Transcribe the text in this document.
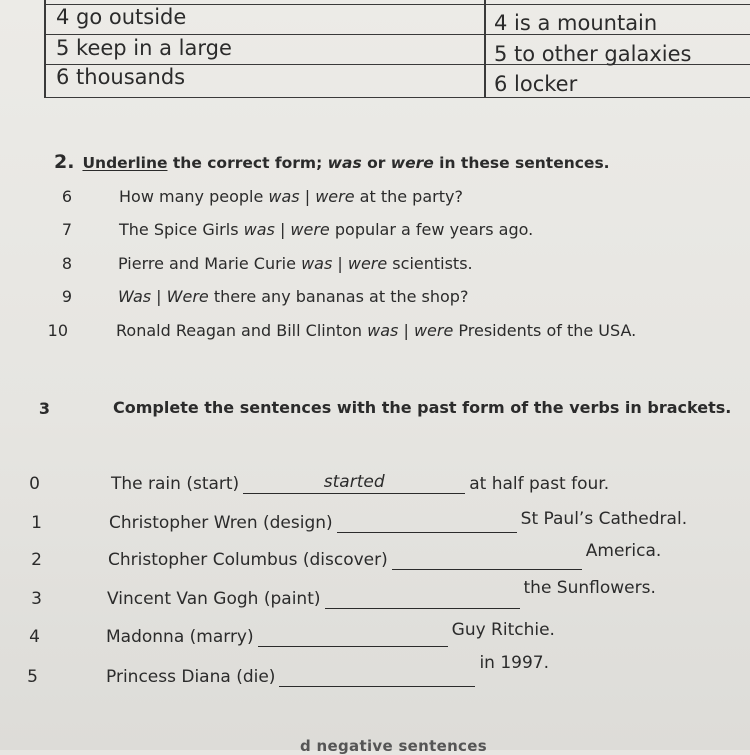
4 go outside	4 is a mountain
5 keep in a large	5 to other galaxies
6 thousands	6 locker
2. Underline the correct form; was or were in these sentences.
6	How many people was | were at the party?
7	The Spice Girls was | were popular a few years ago.
8	Pierre and Marie Curie was | were scientists.
9	Was | Were there any bananas at the shop?
10	Ronald Reagan and Bill Clinton was | were Presidents of the USA.
3	Complete the sentences with the past form of the verbs in brackets.
0	The rain (start)	started	at half past four.
1	Christopher Wren (design)	St Paul’s Cathedral.
2	Christopher Columbus (discover)	America.
3	Vincent Van Gogh (paint)
the Sunflowers.
4	Madonna (marry)	Guy Ritchie.
5	Princess Diana (die)
in 1997.
d negative sentences
